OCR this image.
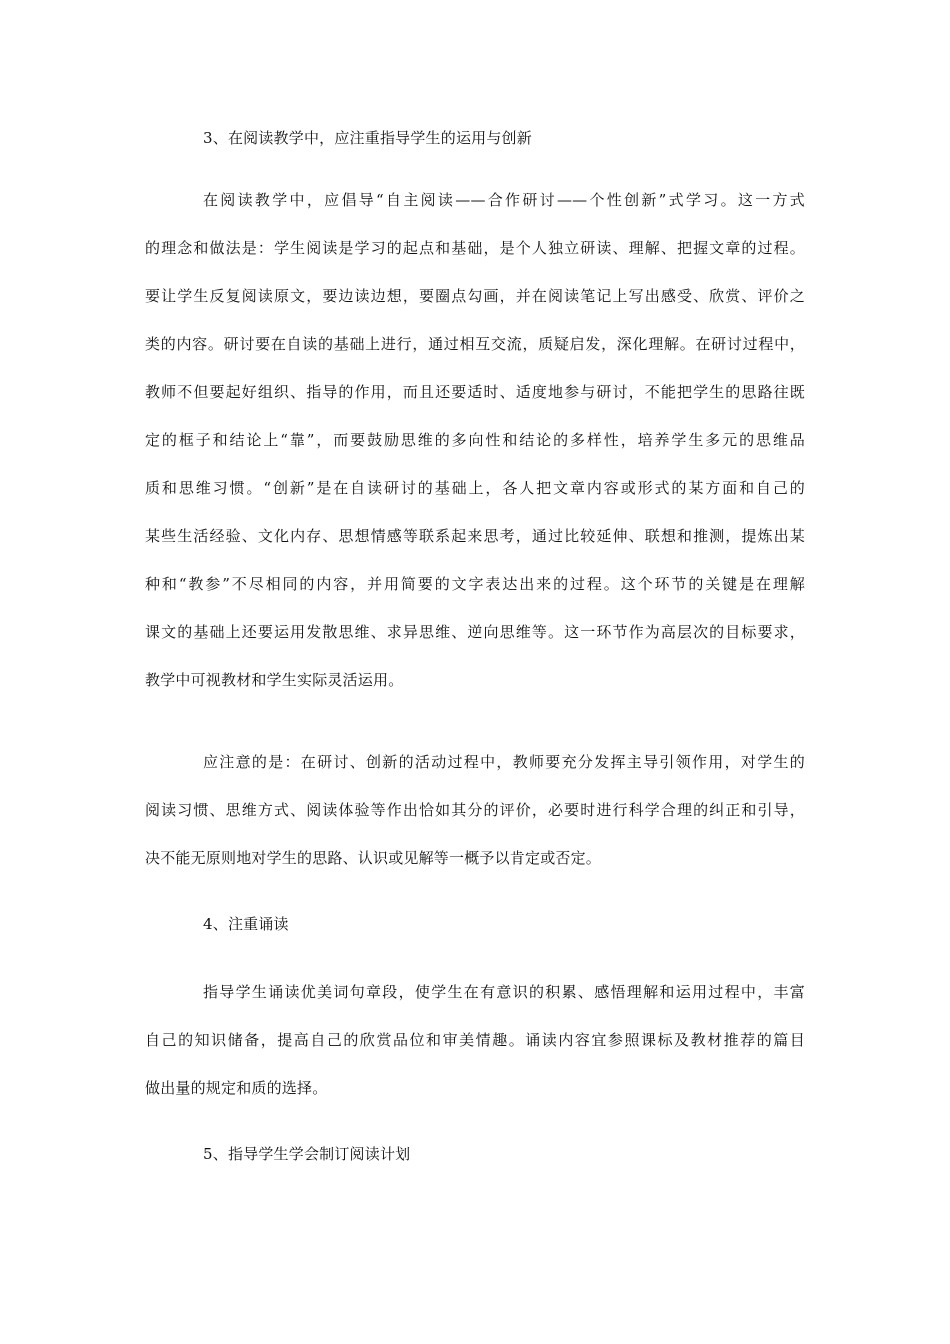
3、在阅读教学中，应注重指导学生的运用与创新
在阅读教学中，应倡导“自主阅读——合作研讨——个性创新”式学习。这一方式
的理念和做法是：学生阅读是学习的起点和基础，是个人独立研读、理解、把握文章的过程。
要让学生反复阅读原文，要边读边想，要圈点勾画，并在阅读笔记上写出感受、欣赏、评价之
类的内容。研讨要在自读的基础上进行，通过相互交流，质疑启发，深化理解。在研讨过程中，
教师不但要起好组织、指导的作用，而且还要适时、适度地参与研讨，不能把学生的思路往既
定的框子和结论上“靠”，而要鼓励思维的多向性和结论的多样性，培养学生多元的思维品
质和思维习惯。“创新”是在自读研讨的基础上，各人把文章内容或形式的某方面和自己的
某些生活经验、文化内存、思想情感等联系起来思考，通过比较延伸、联想和推测，提炼出某
种和“教参”不尽相同的内容，并用简要的文字表达出来的过程。这个环节的关键是在理解
课文的基础上还要运用发散思维、求异思维、逆向思维等。这一环节作为高层次的目标要求，
教学中可视教材和学生实际灵活运用。
应注意的是：在研讨、创新的活动过程中，教师要充分发挥主导引领作用，对学生的
阅读习惯、思维方式、阅读体验等作出恰如其分的评价，必要时进行科学合理的纠正和引导，
决不能无原则地对学生的思路、认识或见解等一概予以肯定或否定。
4、注重诵读
指导学生诵读优美词句章段，使学生在有意识的积累、感悟理解和运用过程中，丰富
自己的知识储备，提高自己的欣赏品位和审美情趣。诵读内容宜参照课标及教材推荐的篇目
做出量的规定和质的选择。
5、指导学生学会制订阅读计划
